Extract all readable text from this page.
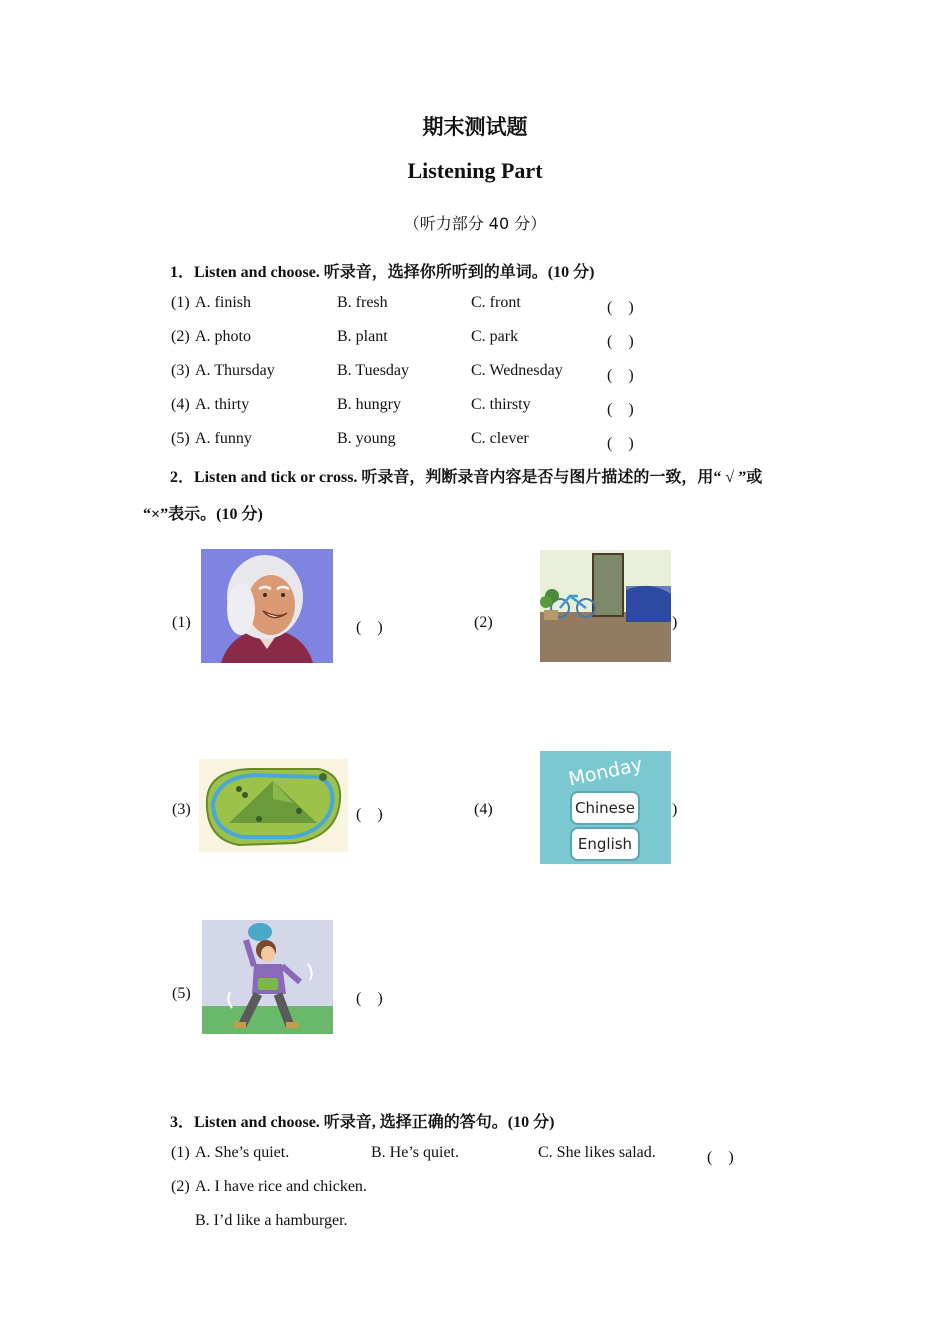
期末测试题
Listening Part
（听力部分 40 分）
1．Listen and choose. 听录音，选择你所听到的单词。(10 分)
(1) A. finish	B. fresh	C. front	(　)
(2) A. photo	B. plant	C. park	(　)
(3) A. Thursday	B. Tuesday	C. Wednesday	(　)
(4) A. thirty	B. hungry	C. thirsty	(　)
(5) A. funny	B. young	C. clever	(　)
2．Listen and tick or cross. 听录音，判断录音内容是否与图片描述的一致，用“ √ ”或
“×”表示。(10 分)
(1)	(　)	(2)	)
(3)	(　)	(4)
Monday
Chinese
English
)
(5)	(　)
3．Listen and choose. 听录音, 选择正确的答句。(10 分)
(1) A. She’s quiet.	B. He’s quiet.	C. She likes salad.	(　)
(2) A. I have rice and chicken.
B. I’d like a hamburger.
